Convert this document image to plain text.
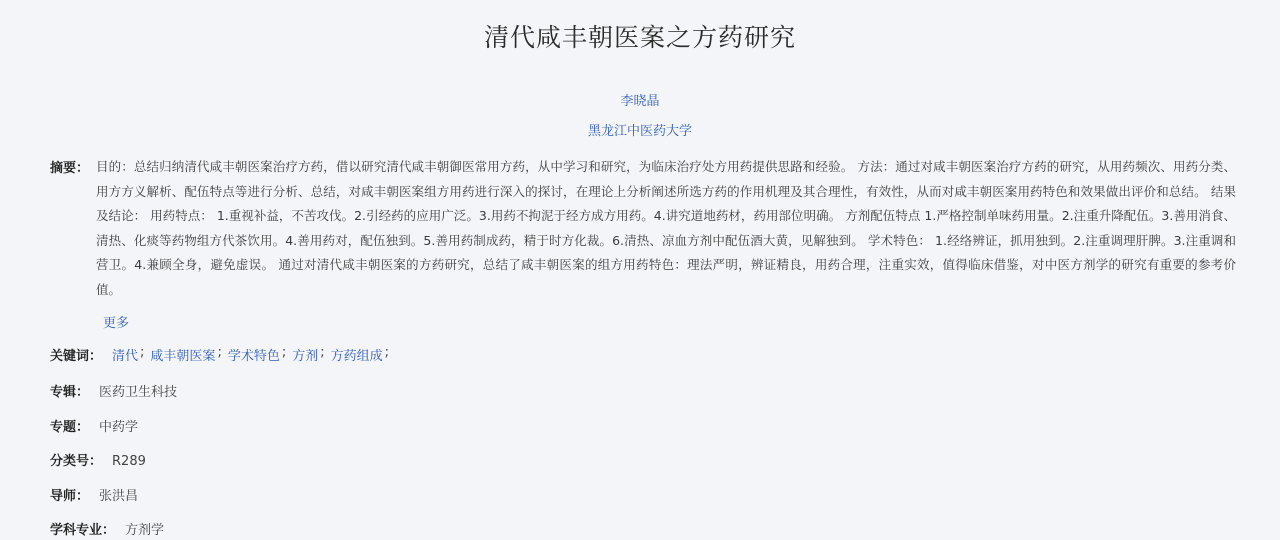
清代咸丰朝医案之方药研究
李晓晶
黑龙江中医药大学
摘要： 目的：总结归纳清代咸丰朝医案治疗方药，借以研究清代咸丰朝御医常用方药，从中学习和研究，为临床治疗处方用药提供思路和经验。 方法：通过对咸丰朝医案治疗方药的研究，从用药频次、用药分类、用方方义解析、配伍特点等进行分析、总结，对咸丰朝医案组方用药进行深入的探讨，在理论上分析阐述所选方药的作用机理及其合理性，有效性，从而对咸丰朝医案用药特色和效果做出评价和总结。 结果及结论： 用药特点： 1.重视补益，不苦攻伐。2.引经药的应用广泛。3.用药不拘泥于经方成方用药。4.讲究道地药材，药用部位明确。 方剂配伍特点 1.严格控制单味药用量。2.注重升降配伍。3.善用消食、清热、化痰等药物组方代茶饮用。4.善用药对，配伍独到。5.善用药制成药，精于时方化裁。6.清热、凉血方剂中配伍酒大黄，见解独到。 学术特色： 1.经络辨证，抓用独到。2.注重调理肝脾。3.注重调和营卫。4.兼顾全身，避免虚误。 通过对清代咸丰朝医案的方药研究，总结了咸丰朝医案的组方用药特色：理法严明，辨证精良，用药合理，注重实效，值得临床借鉴，对中医方剂学的研究有重要的参考价值。
更多
关键词： 清代 ; 咸丰朝医案 ; 学术特色 ; 方剂 ; 方药组成 ;
专辑： 医药卫生科技
专题： 中药学
分类号： R289
导师： 张洪昌
学科专业： 方剂学
